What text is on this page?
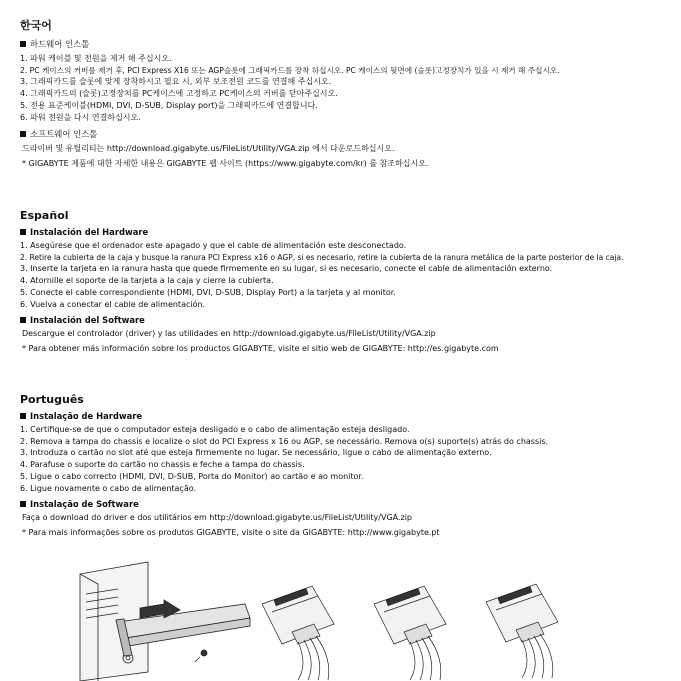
한국어
하드웨어 인스톨
1. 파워 케이블 및 전원을 제거 해 주십시오.
2. PC 케이스의 커버를 제거 후, PCI Express X16 또는 AGP슬롯에 그래픽카드를 장착 하십시오. PC 케이스의 뒷면에 (슬롯)고정장치가 있을 시 제거 해 주십시오.
3. 그래픽카드를 슬롯에 맞게 장착하시고 필요 시, 외부 보조전원 코드를 연결해 주십시오.
4. 그래픽카드의 (슬롯)고정장치를 PC케이스에 고정하고 PC케이스의 커버를 닫아주십시오.
5. 전용 표준케이블(HDMI, DVI, D-SUB, Display port)을 그래픽카드에 연결합니다.
6. 파워 전원을 다시 연결하십시오.
소프트웨어 인스톨
드라이버 및 유틸리티는 http://download.gigabyte.us/FileList/Utility/VGA.zip 에서 다운로드하십시오.
* GIGABYTE 제품에 대한 자세한 내용은 GIGABYTE 웹 사이트 (https://www.gigabyte.com/kr) 를 참조하십시오.
Español
Instalación del Hardware
1. Asegúrese que el ordenador este apagado y que el cable de alimentación este desconectado.
2. Retire la cubierta de la caja y busque la ranura PCI Express x16 o AGP, si es necesario, retire la cubierta de la ranura metálica de la parte posterior de la caja.
3. Inserte la tarjeta en la ranura hasta que quede firmemente en su lugar, si es necesario, conecte el cable de alimentación externo.
4. Atornille el soporte de la tarjeta a la caja y cierre la cubierta.
5. Conecte el cable correspondiente (HDMI, DVI, D-SUB, Display Port) a la tarjeta y al monitor.
6. Vuelva a conectar el cable de alimentación.
Instalación del Software
Descargue el controlador (driver) y las utilidades en http://download.gigabyte.us/FileList/Utility/VGA.zip
* Para obtener más información sobre los productos GIGABYTE, visite el sitio web de GIGABYTE: http://es.gigabyte.com
Português
Instalação de Hardware
1. Certifique-se de que o computador esteja desligado e o cabo de alimentação esteja desligado.
2. Remova a tampa do chassis e localize o slot do PCI Express x 16 ou AGP, se necessário. Remova o(s) suporte(s) atrás do chassis.
3. Introduza o cartão no slot até que esteja firmemente no lugar. Se necessário, ligue o cabo de alimentação externo.
4. Parafuse o suporte do cartão no chassis e feche a tampa do chassis.
5. Ligue o cabo correcto (HDMI, DVI, D-SUB, Porta do Monitor) ao cartão e ao monitor.
6. Ligue novamente o cabo de alimentação.
Instalação de Software
Faça o download do driver e dos utilitários em http://download.gigabyte.us/FileList/Utility/VGA.zip
* Para mais informações sobre os produtos GIGABYTE, visite o site da GIGABYTE: http://www.gigabyte.pt
